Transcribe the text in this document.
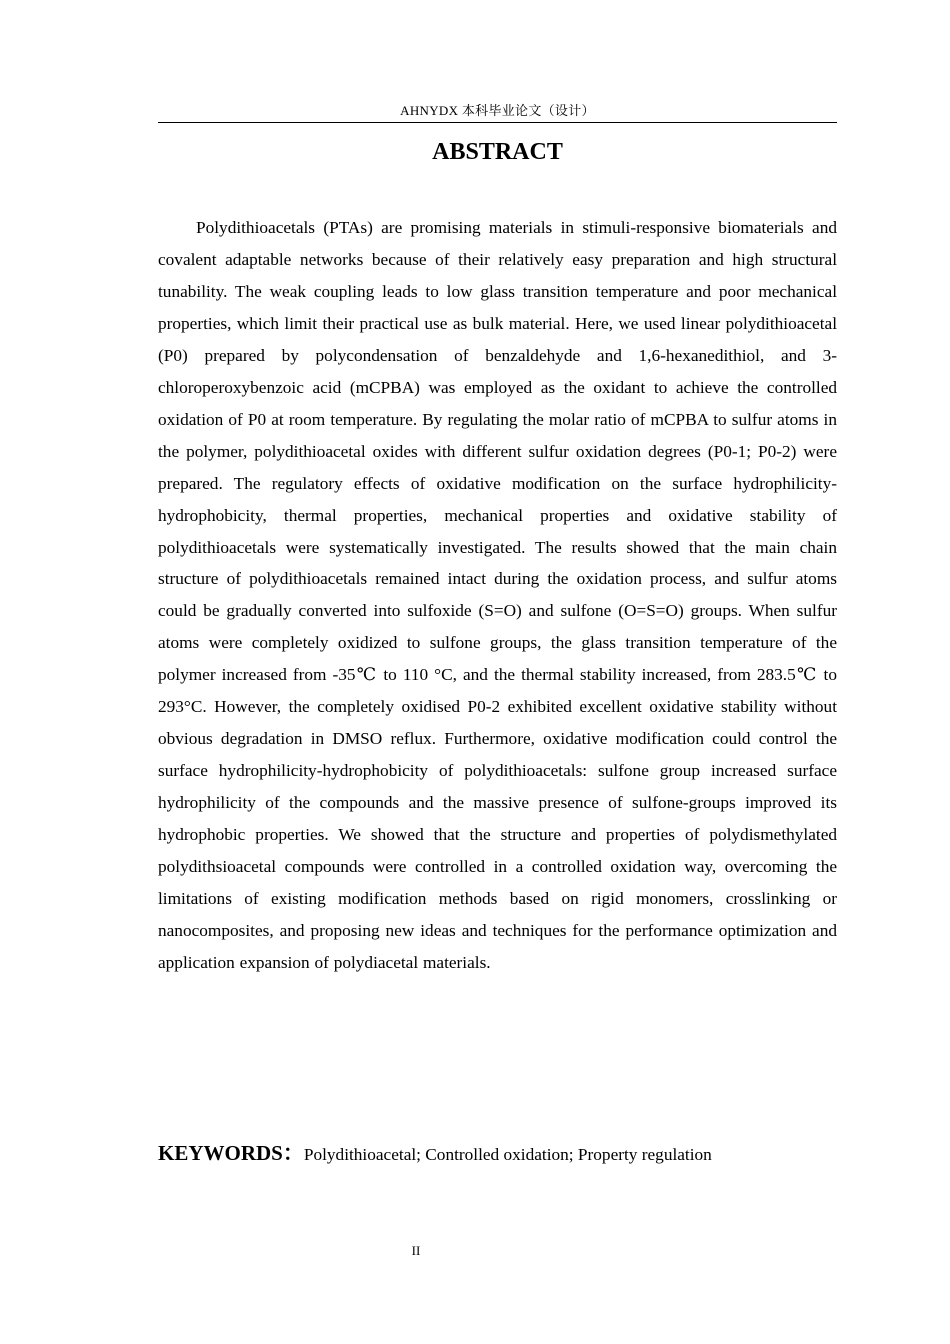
AHNYDX 本科毕业论文（设计）
ABSTRACT

Polydithioacetals (PTAs) are promising materials in stimuli-responsive biomaterials and covalent adaptable networks because of their relatively easy preparation and high structural tunability. The weak coupling leads to low glass transition temperature and poor mechanical properties, which limit their practical use as bulk material. Here, we used linear polydithioacetal (P0) prepared by polycondensation of benzaldehyde and 1,6-hexanedithiol, and 3-chloroperoxybenzoic acid (mCPBA) was employed as the oxidant to achieve the controlled oxidation of P0 at room temperature. By regulating the molar ratio of mCPBA to sulfur atoms in the polymer, polydithioacetal oxides with different sulfur oxidation degrees (P0-1; P0-2) were prepared. The regulatory effects of oxidative modification on the surface hydrophilicity-hydrophobicity, thermal properties, mechanical properties and oxidative stability of polydithioacetals were systematically investigated. The results showed that the main chain structure of polydithioacetals remained intact during the oxidation process, and sulfur atoms could be gradually converted into sulfoxide (S=O) and sulfone (O=S=O) groups. When sulfur atoms were completely oxidized to sulfone groups, the glass transition temperature of the polymer increased from -35℃ to 110 °C, and the thermal stability increased, from 283.5℃ to 293°C. However, the completely oxidised P0-2 exhibited excellent oxidative stability without obvious degradation in DMSO reflux. Furthermore, oxidative modification could control the surface hydrophilicity-hydrophobicity of polydithioacetals: sulfone group increased surface hydrophilicity of the compounds and the massive presence of sulfone-groups improved its hydrophobic properties. We showed that the structure and properties of polydismethylated polydithsioacetal compounds were controlled in a controlled oxidation way, overcoming the limitations of existing modification methods based on rigid monomers, crosslinking or nanocomposites, and proposing new ideas and techniques for the performance optimization and application expansion of polydiacetal materials.

KEYWORDS：Polydithioacetal; Controlled oxidation; Property regulation

II
